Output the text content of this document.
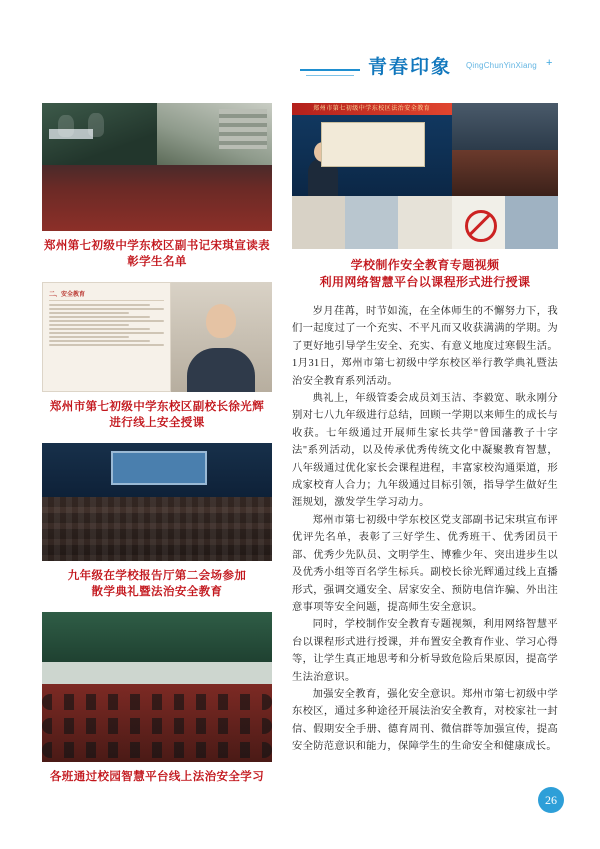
青春印象 QingChunYinXiang +
郑州第七初级中学东校区副书记宋琪宣读表彰学生名单
二、安全教育
郑州市第七初级中学东校区副校长徐光辉
进行线上安全授课
九年级在学校报告厅第二会场参加
散学典礼暨法治安全教育
各班通过校园智慧平台线上法治安全学习
郑州市第七初级中学东校区法治安全教育
学校制作安全教育专题视频
利用网络智慧平台以课程形式进行授课

岁月荏苒，时节如流，在全体师生的不懈努力下，我们一起度过了一个充实、不平凡而又收获满满的学期。为了更好地引导学生安全、充实、有意义地度过寒假生活。1月31日，郑州市第七初级中学东校区举行教学典礼暨法治安全教育系列活动。

典礼上，年级管委会成员刘玉洁、李毅宽、耿永刚分别对七八九年级进行总结，回顾一学期以来师生的成长与收获。七年级通过开展师生家长共学"曾国藩教子十字法"系列活动，以及传承优秀传统文化中凝聚教育智慧，八年级通过优化家长会课程进程，丰富家校沟通渠道，形成家校育人合力；九年级通过目标引领，指导学生做好生涯规划，激发学生学习动力。

郑州市第七初级中学东校区党支部副书记宋琪宣布评优评先名单，表彰了三好学生、优秀班干、优秀团员干部、优秀少先队员、文明学生、博雅少年、突出进步生以及优秀小组等百名学生标兵。副校长徐光辉通过线上直播形式，强调交通安全、居家安全、预防电信诈骗、外出注意事项等安全问题，提高师生安全意识。

同时，学校制作安全教育专题视频，利用网络智慧平台以课程形式进行授课，并布置安全教育作业、学习心得等，让学生真正地思考和分析导致危险后果原因，提高学生法治意识。

加强安全教育，强化安全意识。郑州市第七初级中学东校区，通过多种途径开展法治安全教育，对校家社一封信、假期安全手册、德育周刊、微信群等加强宣传，提高安全防范意识和能力，保障学生的生命安全和健康成长。

26
